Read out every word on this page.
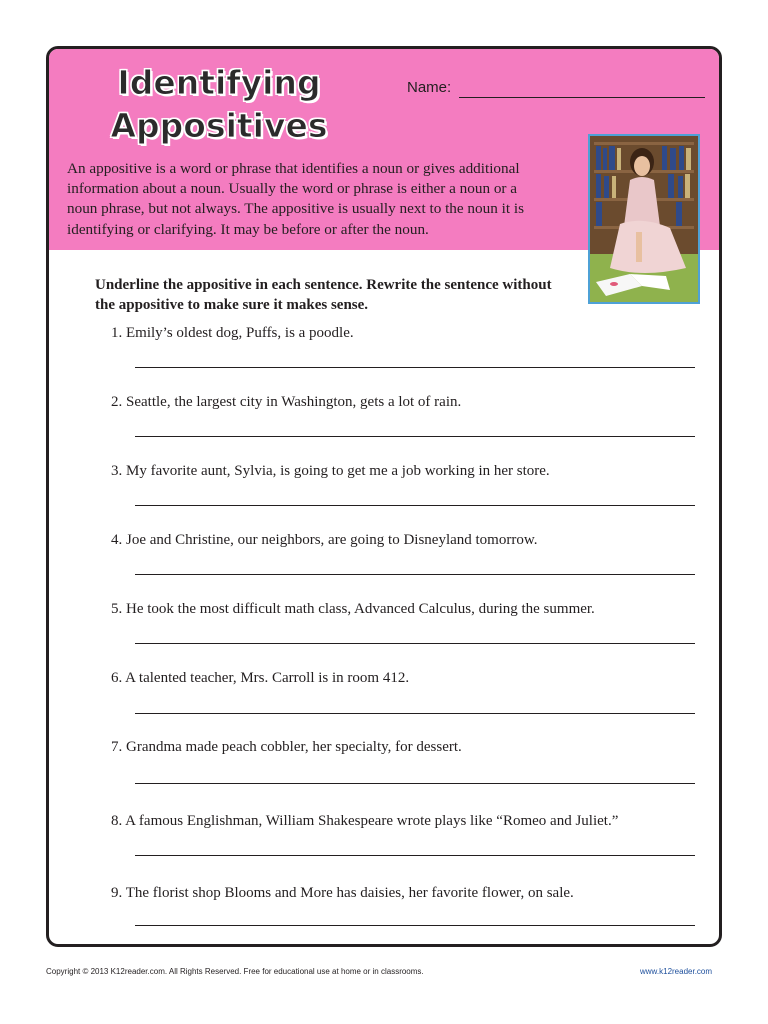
Identifying
Appositives
Name:
An appositive is a word or phrase that identifies a noun or gives additional information about a noun. Usually the word or phrase is either a noun or a noun phrase, but not always. The appositive is usually next to the noun it is identifying or clarifying. It may be before or after the noun.
Underline the appositive in each sentence. Rewrite the sentence without the appositive to make sure it makes sense.
1. Emily’s oldest dog, Puffs, is a poodle.
2. Seattle, the largest city in Washington, gets a lot of rain.
3. My favorite aunt, Sylvia, is going to get me a job working in her store.
4. Joe and Christine, our neighbors, are going to Disneyland tomorrow.
5. He took the most difficult math class, Advanced Calculus, during the summer.
6. A talented teacher, Mrs. Carroll is in room 412.
7. Grandma made peach cobbler, her specialty, for dessert.
8. A famous Englishman, William Shakespeare wrote plays like “Romeo and Juliet.”
9. The florist shop Blooms and More has daisies, her favorite flower, on sale.
Copyright © 2013 K12reader.com. All Rights Reserved. Free for educational use at home or in classrooms.	www.k12reader.com
